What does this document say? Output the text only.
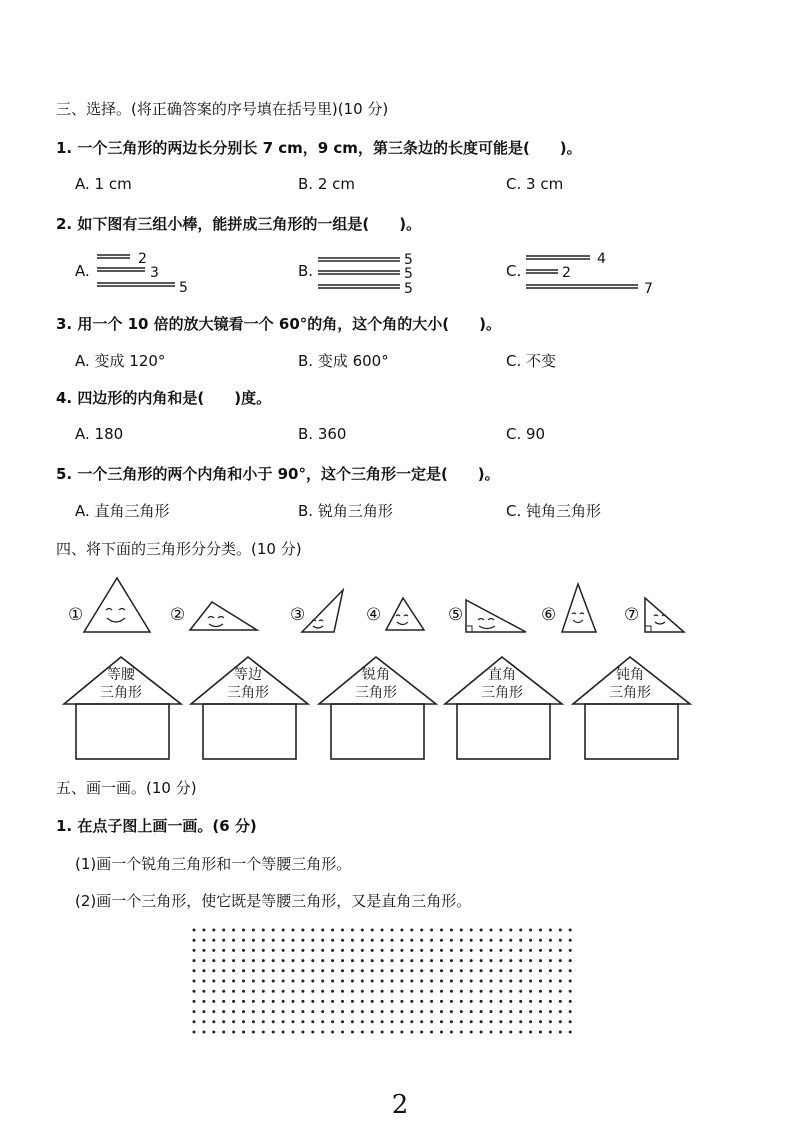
三、选择。(将正确答案的序号填在括号里)(10 分)
1. 一个三角形的两边长分别长 7 cm，9 cm，第三条边的长度可能是(　　)。
A. 1 cm	B. 2 cm	C. 3 cm
2. 如下图有三组小棒，能拼成三角形的一组是(　　)。
A.	B.	C.
2
3
5
5
5
5
4
2
7
3. 用一个 10 倍的放大镜看一个 60°的角，这个角的大小(　　)。
A. 变成 120°	B. 变成 600°	C. 不变
4. 四边形的内角和是(　　)度。
A. 180	B. 360	C. 90
5. 一个三角形的两个内角和小于 90°，这个三角形一定是(　　)。
A. 直角三角形	B. 锐角三角形	C. 钝角三角形
四、将下面的三角形分分类。(10 分)
①	②	③	④	⑤	⑥	⑦
等腰
三角形
等边
三角形
锐角
三角形
直角
三角形
钝角
三角形
五、画一画。(10 分)
1. 在点子图上画一画。(6 分)
(1)画一个锐角三角形和一个等腰三角形。
(2)画一个三角形，使它既是等腰三角形，又是直角三角形。
2
